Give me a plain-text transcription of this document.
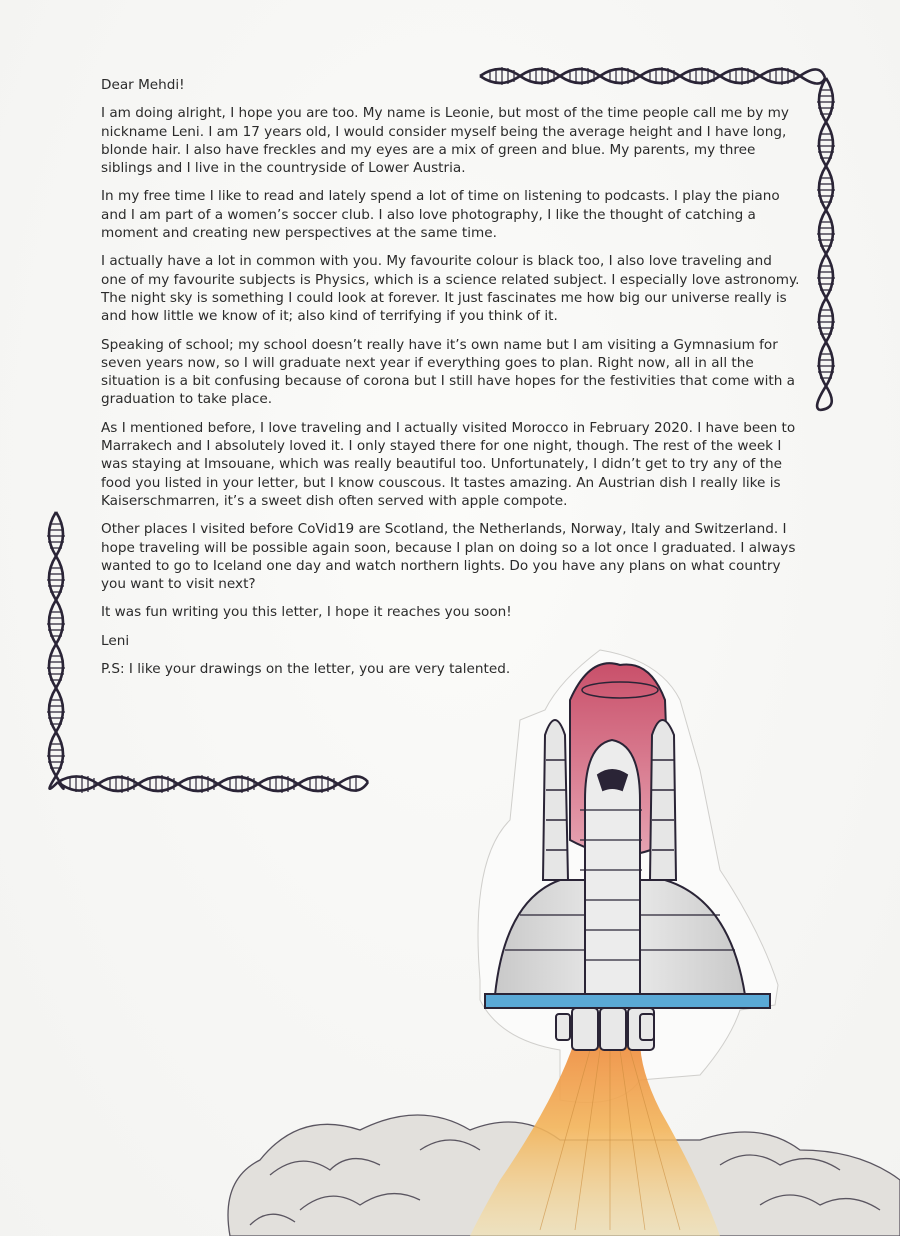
Dear Mehdi!

I am doing alright, I hope you are too. My name is Leonie, but most of the time people call me by my nickname Leni. I am 17 years old, I would consider myself being the average height and I have long, blonde hair. I also have freckles and my eyes are a mix of green and blue. My parents, my three siblings and I live in the countryside of Lower Austria.

In my free time I like to read and lately spend a lot of time on listening to podcasts. I play the piano and I am part of a women’s soccer club. I also love photography, I like the thought of catching a moment and creating new perspectives at the same time.

I actually have a lot in common with you. My favourite colour is black too, I also love traveling and one of my favourite subjects is Physics, which is a science related subject. I especially love astronomy. The night sky is something I could look at forever. It just fascinates me how big our universe really is and how little we know of it; also kind of terrifying if you think of it.

Speaking of school; my school doesn’t really have it’s own name but I am visiting a Gymnasium for seven years now, so I will graduate next year if everything goes to plan. Right now, all in all the situation is a bit confusing because of corona but I still have hopes for the festivities that come with a graduation to take place.

As I mentioned before, I love traveling and I actually visited Morocco in February 2020. I have been to Marrakech and I absolutely loved it. I only stayed there for one night, though. The rest of the week I was staying at Imsouane, which was really beautiful too. Unfortunately, I didn’t get to try any of the food you listed in your letter, but I know couscous. It tastes amazing. An Austrian dish I really like is Kaiserschmarren, it’s a sweet dish often served with apple compote.

Other places I visited before CoVid19 are Scotland, the Netherlands, Norway, Italy and Switzerland. I hope traveling will be possible again soon, because I plan on doing so a lot once I graduated. I always wanted to go to Iceland one day and watch northern lights. Do you have any plans on what country you want to visit next?

It was fun writing you this letter, I hope it reaches you soon!

Leni

P.S: I like your drawings on the letter, you are very talented.
